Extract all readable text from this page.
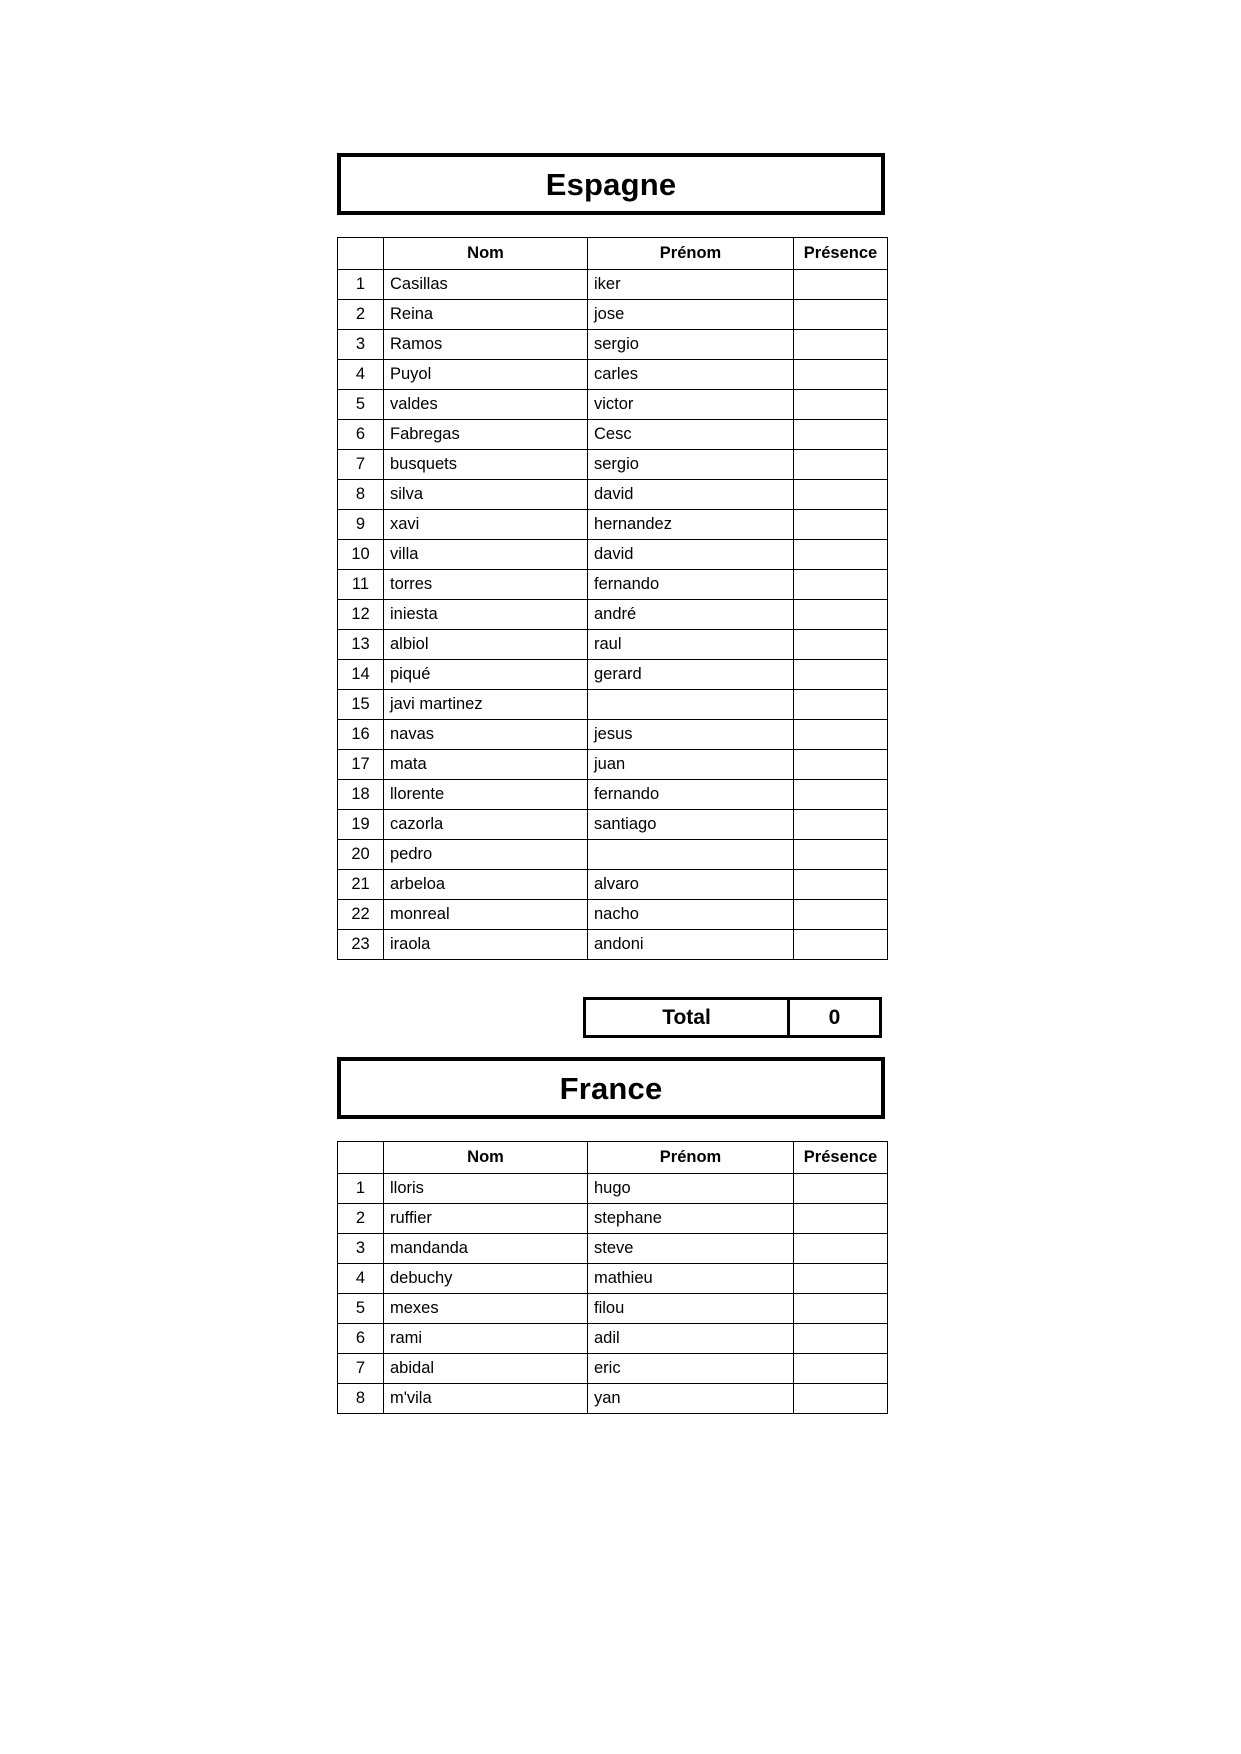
Espagne
	Nom	Prénom	Présence
1	Casillas	iker	
2	Reina	jose	
3	Ramos	sergio	
4	Puyol	carles	
5	valdes	victor	
6	Fabregas	Cesc	
7	busquets	sergio	
8	silva	david	
9	xavi	hernandez	
10	villa	david	
11	torres	fernando	
12	iniesta	andré	
13	albiol	raul	
14	piqué	gerard	
15	javi martinez		
16	navas	jesus	
17	mata	juan	
18	llorente	fernando	
19	cazorla	santiago	
20	pedro		
21	arbeloa	alvaro	
22	monreal	nacho	
23	iraola	andoni	
Total	0
France
	Nom	Prénom	Présence
1	lloris	hugo	
2	ruffier	stephane	
3	mandanda	steve	
4	debuchy	mathieu	
5	mexes	filou	
6	rami	adil	
7	abidal	eric	
8	m'vila	yan	
